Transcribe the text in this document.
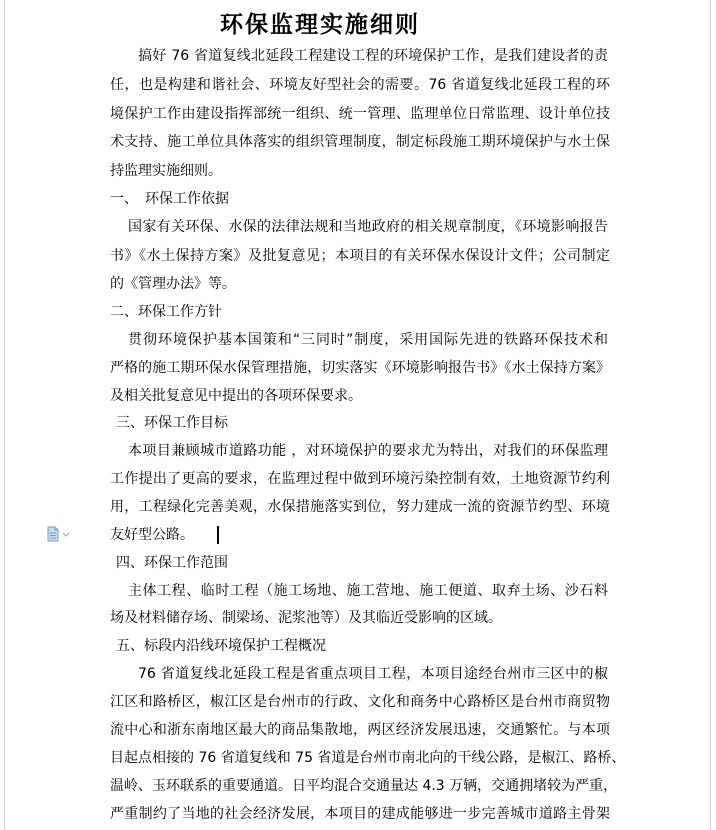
环保监理实施细则
搞好 76 省道复线北延段工程建设工程的环境保护工作，是我们建设者的责
任，也是构建和谐社会、环境友好型社会的需要。76 省道复线北延段工程的环
境保护工作由建设指挥部统一组织、统一管理、监理单位日常监理、设计单位技
术支持、施工单位具体落实的组织管理制度，制定标段施工期环境保护与水土保
持监理实施细则。
一、　环保工作依据
国家有关环保、水保的法律法规和当地政府的相关规章制度，《环境影响报告
书》《水土保持方案》及批复意见；本项目的有关环保水保设计文件；公司制定
的《管理办法》等。
二、环保工作方针
贯彻环境保护基本国策和“三同时”制度，采用国际先进的铁路环保技术和
严格的施工期环保水保管理措施，切实落实《环境影响报告书》《水土保持方案》
及相关批复意见中提出的各项环保要求。
三、环保工作目标
本项目兼顾城市道路功能 ，对环境保护的要求尤为特出，对我们的环保监理
工作提出了更高的要求，在监理过程中做到环境污染控制有效，土地资源节约利
用，工程绿化完善美观，水保措施落实到位，努力建成一流的资源节约型、环境
友好型公路。
四、环保工作范围
主体工程、临时工程（施工场地、施工营地、施工便道、取弃土场、沙石料
场及材料储存场、制梁场、泥浆池等）及其临近受影响的区域。
五、标段内沿线环境保护工程概况
76 省道复线北延段工程是省重点项目工程，本项目途经台州市三区中的椒
江区和路桥区，椒江区是台州市的行政、文化和商务中心路桥区是台州市商贸物
流中心和浙东南地区最大的商品集散地，两区经济发展迅速，交通繁忙。与本项
目起点相接的 76 省道复线和 75 省道是台州市南北向的干线公路，是椒江、路桥、
温岭、玉环联系的重要通道。日平均混合交通量达 4.3 万辆，交通拥堵较为严重，
严重制约了当地的社会经济发展，本项目的建成能够进一步完善城市道路主骨架
